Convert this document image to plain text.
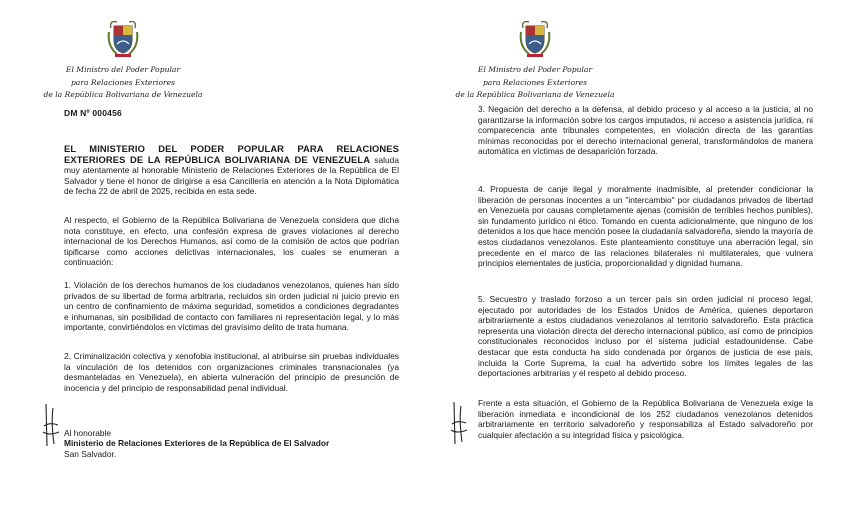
El Ministro del Poder Popular
para Relaciones Exteriores
de la República Bolivariana de Venezuela
DM Nº 000456

EL MINISTERIO DEL PODER POPULAR PARA RELACIONES EXTERIORES DE LA REPÚBLICA BOLIVARIANA DE VENEZUELA saluda muy atentamente al honorable Ministerio de Relaciones Exteriores de la República de El Salvador y tiene el honor de dirigirse a esa Cancillería en atención a la Nota Diplomática de fecha 22 de abril de 2025, recibida en esta sede.

Al respecto, el Gobierno de la República Bolivariana de Venezuela considera que dicha nota constituye, en efecto, una confesión expresa de graves violaciones al derecho internacional de los Derechos Humanos, así como de la comisión de actos que podrían tipificarse como acciones delictivas internacionales, los cuales se enumeran a continuación:

1. Violación de los derechos humanos de los ciudadanos venezolanos, quienes han sido privados de su libertad de forma arbitraria, recluidos sin orden judicial ni juicio previo en un centro de confinamiento de máxima seguridad, sometidos a condiciones degradantes e inhumanas, sin posibilidad de contacto con familiares ni representación legal, y lo más importante, convirtiéndolos en víctimas del gravísimo delito de trata humana.

2. Criminalización colectiva y xenofobia institucional, al atribuirse sin pruebas individuales la vinculación de los detenidos con organizaciones criminales transnacionales (ya desmanteladas en Venezuela), en abierta vulneración del principio de presunción de inocencia y del principio de responsabilidad penal individual.

Al honorable
Ministerio de Relaciones Exteriores de la República de El Salvador
San Salvador.
El Ministro del Poder Popular
para Relaciones Exteriores
de la República Bolivariana de Venezuela

3. Negación del derecho a la defensa, al debido proceso y al acceso a la justicia, al no garantizarse la información sobre los cargos imputados, ni acceso a asistencia jurídica, ni comparecencia ante tribunales competentes, en violación directa de las garantías mínimas reconocidas por el derecho internacional general, transformándolos de manera automática en víctimas de desaparición forzada.

4. Propuesta de canje ilegal y moralmente inadmisible, al pretender condicionar la liberación de personas inocentes a un "intercambio" por ciudadanos privados de libertad en Venezuela por causas completamente ajenas (comisión de terribles hechos punibles), sin fundamento jurídico ni ético. Tomando en cuenta adicionalmente, que ninguno de los detenidos a los que hace mención posee la ciudadanía salvadoreña, siendo la mayoría de estos ciudadanos venezolanos. Este planteamiento constituye una aberración legal, sin precedente en el marco de las relaciones bilaterales ni multilaterales, que vulnera principios elementales de justicia, proporcionalidad y dignidad humana.

5. Secuestro y traslado forzoso a un tercer país sin orden judicial ni proceso legal, ejecutado por autoridades de los Estados Unidos de América, quienes deportaron arbitrariamente a estos ciudadanos venezolanos al territorio salvadoreño. Esta práctica representa una violación directa del derecho internacional público, así como de principios constitucionales reconocidos incluso por el sistema judicial estadounidense. Cabe destacar que esta conducta ha sido condenada por órganos de justicia de ese país, incluida la Corte Suprema, la cual ha advertido sobre los límites legales de las deportaciones arbitrarias y el respeto al debido proceso.

Frente a esta situación, el Gobierno de la República Bolivariana de Venezuela exige la liberación inmediata e incondicional de los 252 ciudadanos venezolanos detenidos arbitrariamente en territorio salvadoreño y responsabiliza al Estado salvadoreño por cualquier afectación a su integridad física y psicológica.
